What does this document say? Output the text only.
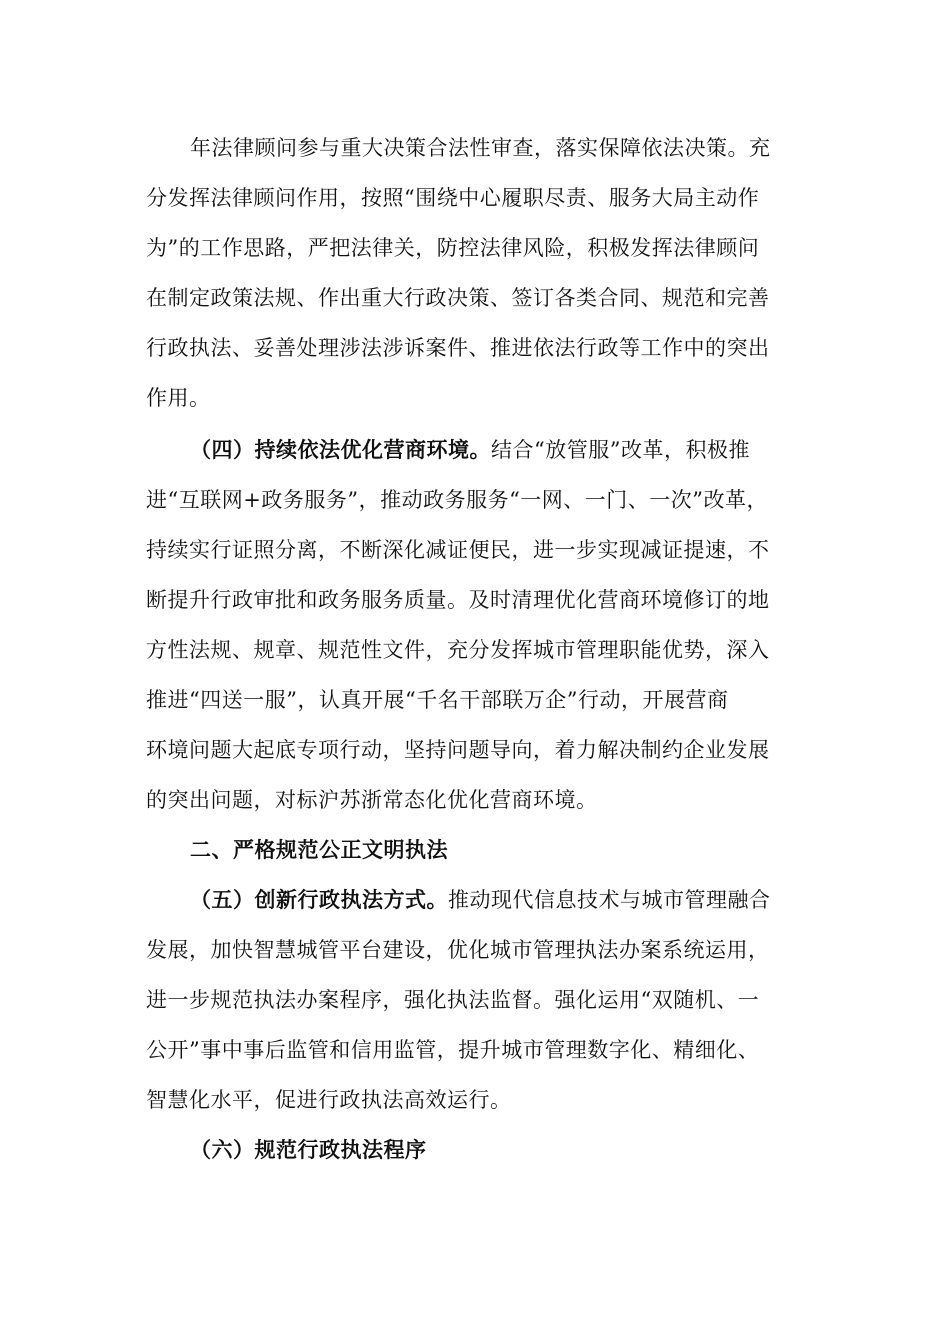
年法律顾问参与重大决策合法性审查，落实保障依法决策。充
分发挥法律顾问作用，按照“围绕中心履职尽责、服务大局主动作
为”的工作思路，严把法律关，防控法律风险，积极发挥法律顾问
在制定政策法规、作出重大行政决策、签订各类合同、规范和完善
行政执法、妥善处理涉法涉诉案件、推进依法行政等工作中的突出
作用。
（四）持续依法优化营商环境。结合“放管服”改革，积极推
进“互联网+政务服务”，推动政务服务“一网、一门、一次”改革，
持续实行证照分离，不断深化减证便民，进一步实现减证提速，不
断提升行政审批和政务服务质量。及时清理优化营商环境修订的地
方性法规、规章、规范性文件，充分发挥城市管理职能优势，深入
推进“四送一服”，认真开展“千名干部联万企”行动，开展营商
环境问题大起底专项行动，坚持问题导向，着力解决制约企业发展
的突出问题，对标沪苏浙常态化优化营商环境。
二、严格规范公正文明执法
（五）创新行政执法方式。推动现代信息技术与城市管理融合
发展，加快智慧城管平台建设，优化城市管理执法办案系统运用，
进一步规范执法办案程序，强化执法监督。强化运用“双随机、一
公开”事中事后监管和信用监管，提升城市管理数字化、精细化、
智慧化水平，促进行政执法高效运行。
（六）规范行政执法程序
